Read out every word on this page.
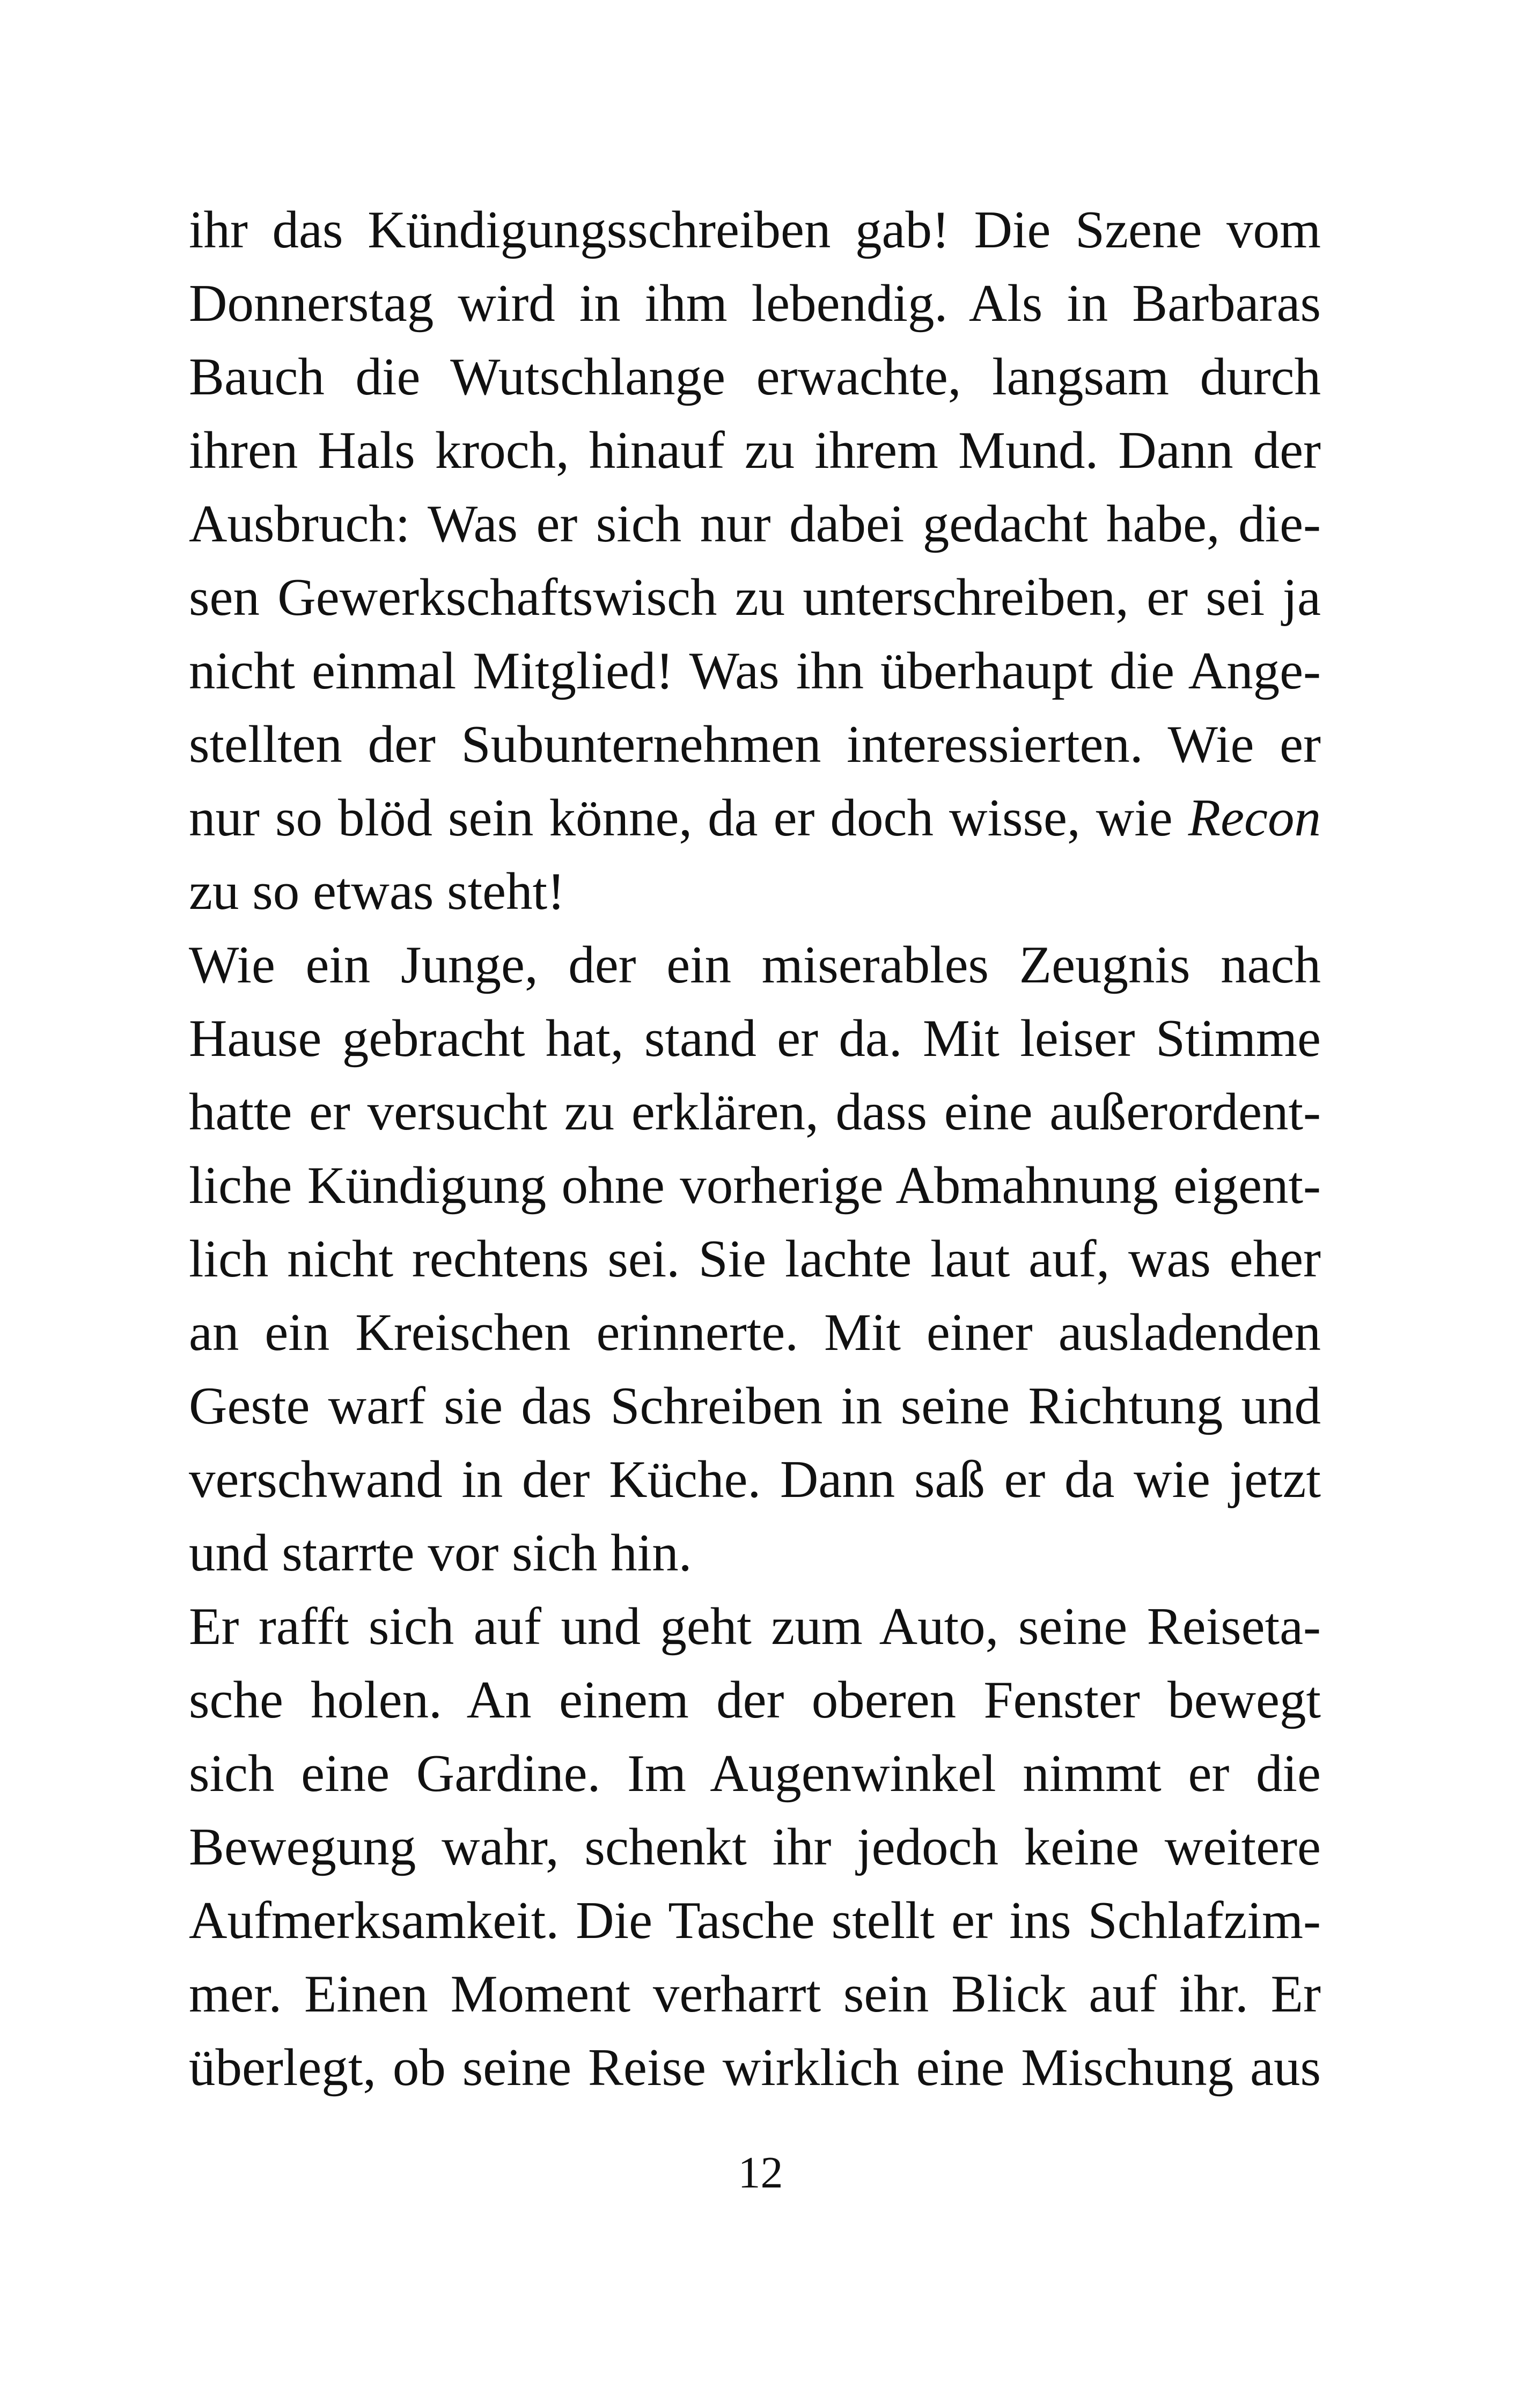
ihr das Kündigungsschreiben gab! Die Szene vom
Donnerstag wird in ihm lebendig. Als in Barbaras
Bauch die Wutschlange erwachte, langsam durch
ihren Hals kroch, hinauf zu ihrem Mund. Dann der
Ausbruch: Was er sich nur dabei gedacht habe, die-
sen Gewerkschaftswisch zu unterschreiben, er sei ja
nicht einmal Mitglied! Was ihn überhaupt die Ange-
stellten der Subunternehmen interessierten. Wie er
nur so blöd sein könne, da er doch wisse, wie Recon
zu so etwas steht!
Wie ein Junge, der ein miserables Zeugnis nach
Hause gebracht hat, stand er da. Mit leiser Stimme
hatte er versucht zu erklären, dass eine außerordent-
liche Kündigung ohne vorherige Abmahnung eigent-
lich nicht rechtens sei. Sie lachte laut auf, was eher
an ein Kreischen erinnerte. Mit einer ausladenden
Geste warf sie das Schreiben in seine Richtung und
verschwand in der Küche. Dann saß er da wie jetzt
und starrte vor sich hin.
Er rafft sich auf und geht zum Auto, seine Reiseta-
sche holen. An einem der oberen Fenster bewegt
sich eine Gardine. Im Augenwinkel nimmt er die
Bewegung wahr, schenkt ihr jedoch keine weitere
Aufmerksamkeit. Die Tasche stellt er ins Schlafzim-
mer. Einen Moment verharrt sein Blick auf ihr. Er
überlegt, ob seine Reise wirklich eine Mischung aus
12
